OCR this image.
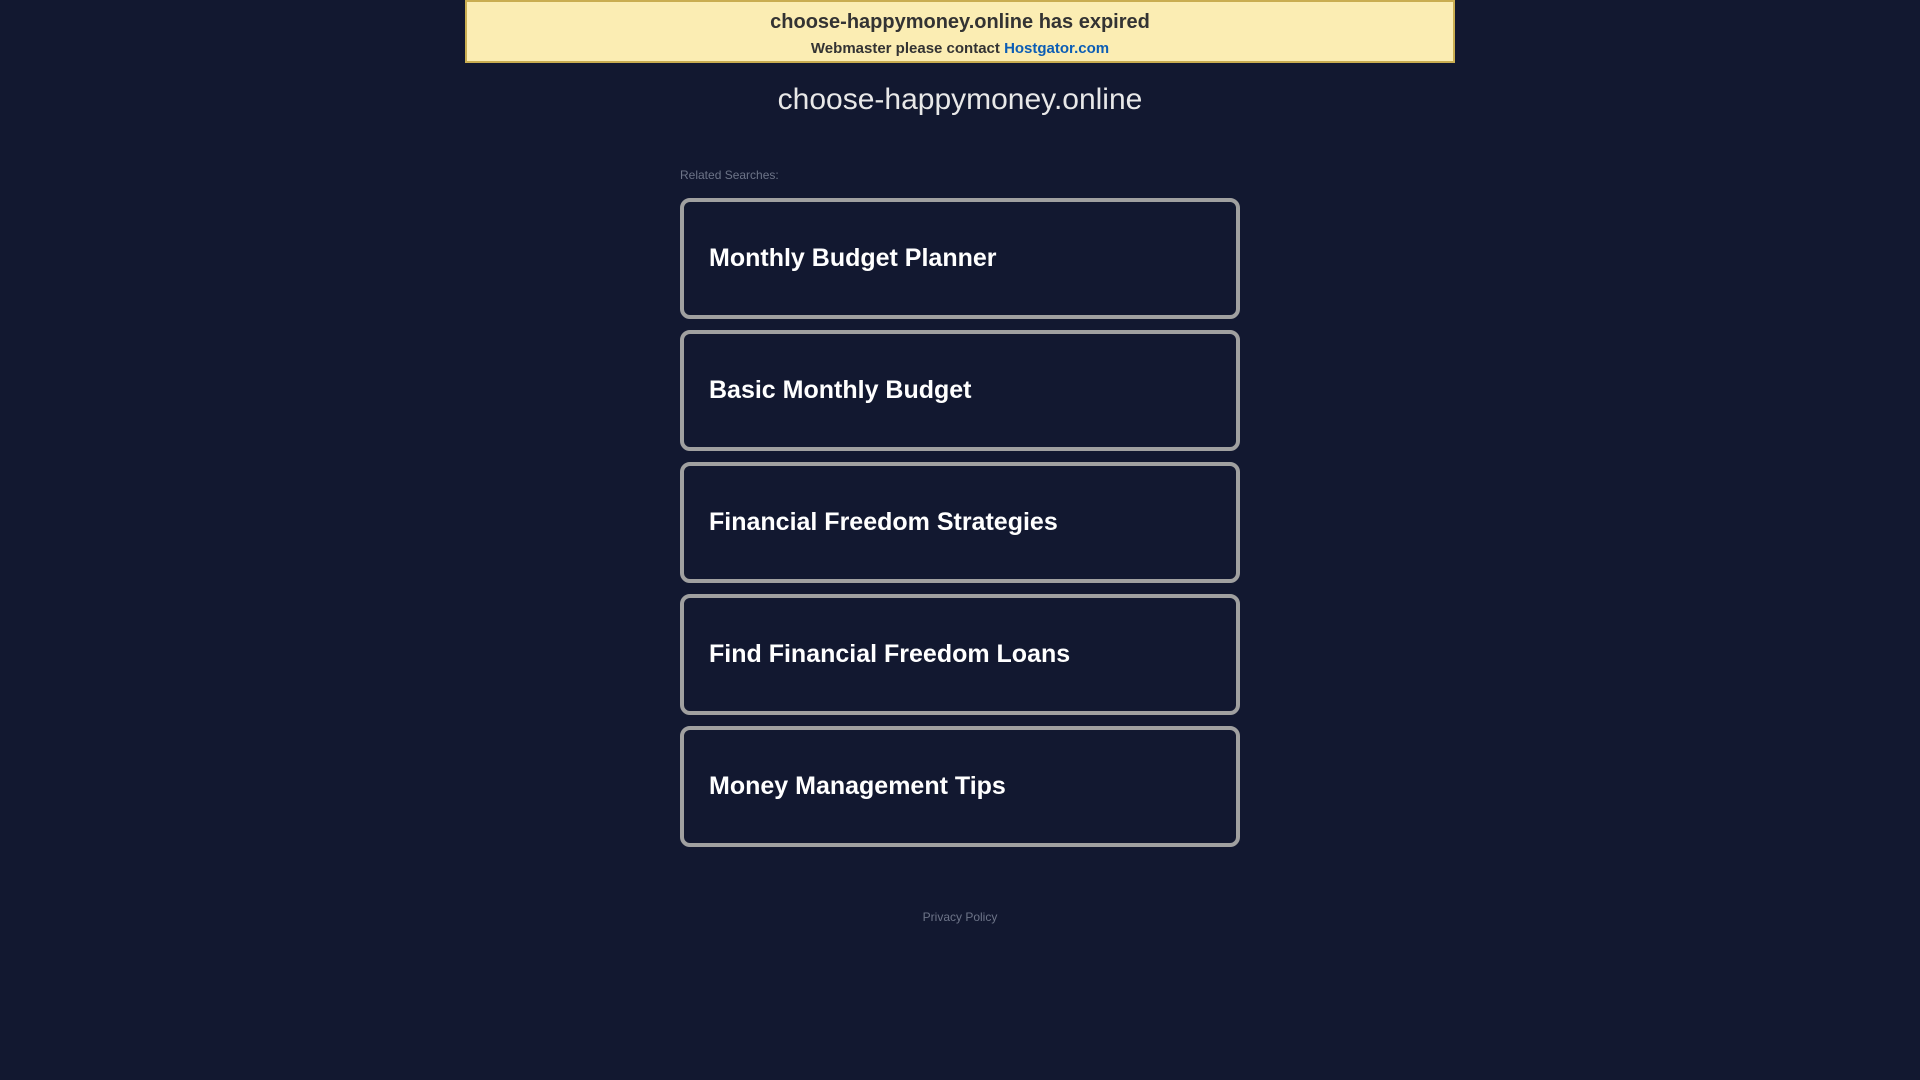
choose-happymoney.online has expired
Webmaster please contact Hostgator.com
choose-happymoney.online
Related Searches:
Monthly Budget Planner
Basic Monthly Budget
Financial Freedom Strategies
Find Financial Freedom Loans
Money Management Tips
Privacy Policy
